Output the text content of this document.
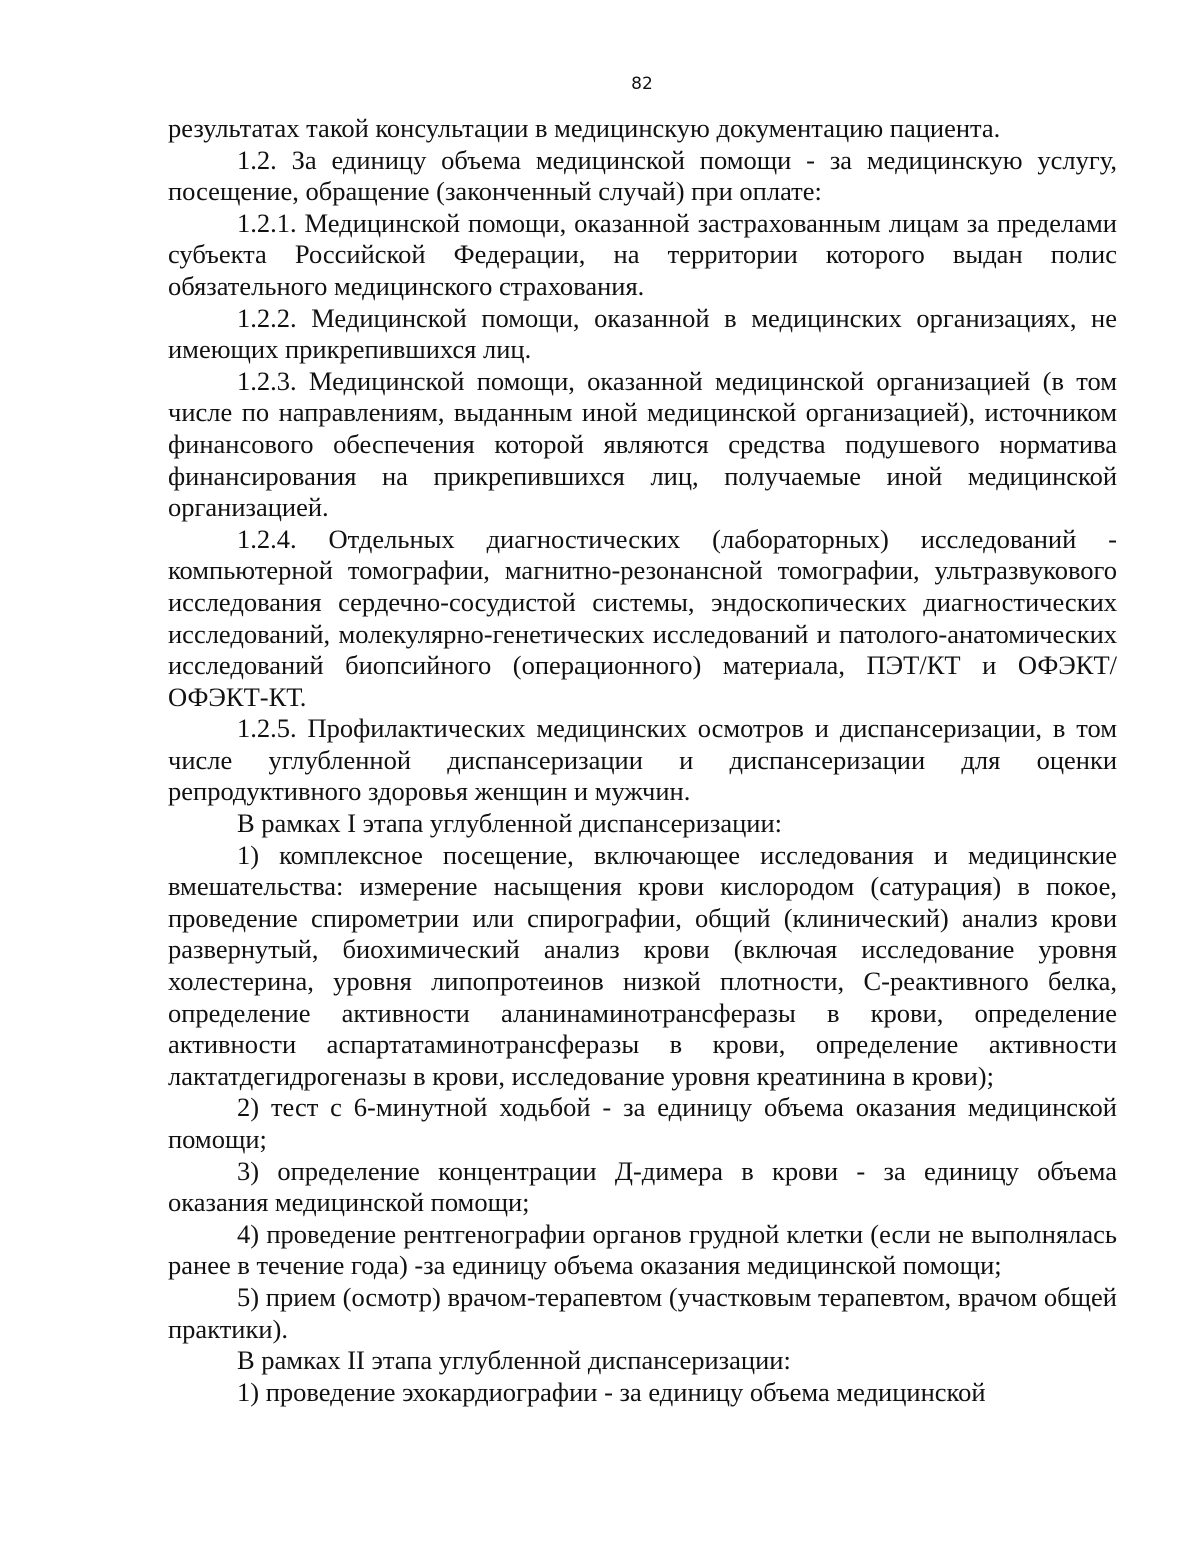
82

результатах такой консультации в медицинскую документацию пациента.

1.2. За единицу объема медицинской помощи - за медицинскую услугу, посещение, обращение (законченный случай) при оплате:

1.2.1. Медицинской помощи, оказанной застрахованным лицам за пределами субъекта Российской Федерации, на территории которого выдан полис обязательного медицинского страхования.

1.2.2. Медицинской помощи, оказанной в медицинских организациях, не имеющих прикрепившихся лиц.

1.2.3. Медицинской помощи, оказанной медицинской организацией (в том числе по направлениям, выданным иной медицинской организацией), источником финансового обеспечения которой являются средства подушевого норматива финансирования на прикрепившихся лиц, получаемые иной медицинской организацией.

1.2.4. Отдельных диагностических (лабораторных) исследований - компьютерной томографии, магнитно-резонансной томографии, ультразвукового исследования сердечно-сосудистой системы, эндоскопических диагностических исследований, молекулярно-генетических исследований и патолого-анатомических исследований биопсийного (операционного) материала, ПЭТ/КТ и ОФЭКТ/ОФЭКТ-КТ.

1.2.5. Профилактических медицинских осмотров и диспансеризации, в том числе углубленной диспансеризации и диспансеризации для оценки репродуктивного здоровья женщин и мужчин.

В рамках I этапа углубленной диспансеризации:

1) комплексное посещение, включающее исследования и медицинские вмешательства: измерение насыщения крови кислородом (сатурация) в покое, проведение спирометрии или спирографии, общий (клинический) анализ крови развернутый, биохимический анализ крови (включая исследование уровня холестерина, уровня липопротеинов низкой плотности, С-реактивного белка, определение активности аланинаминотрансферазы в крови, определение активности аспартатаминотрансферазы в крови, определение активности лактатдегидрогеназы в крови, исследование уровня креатинина в крови);

2) тест с 6-минутной ходьбой - за единицу объема оказания медицинской помощи;

3) определение концентрации Д-димера в крови - за единицу объема оказания медицинской помощи;

4) проведение рентгенографии органов грудной клетки (если не выполнялась ранее в течение года) -за единицу объема оказания медицинской помощи;

5) прием (осмотр) врачом-терапевтом (участковым терапевтом, врачом общей практики).

В рамках II этапа углубленной диспансеризации:

1) проведение эхокардиографии - за единицу объема медицинской
